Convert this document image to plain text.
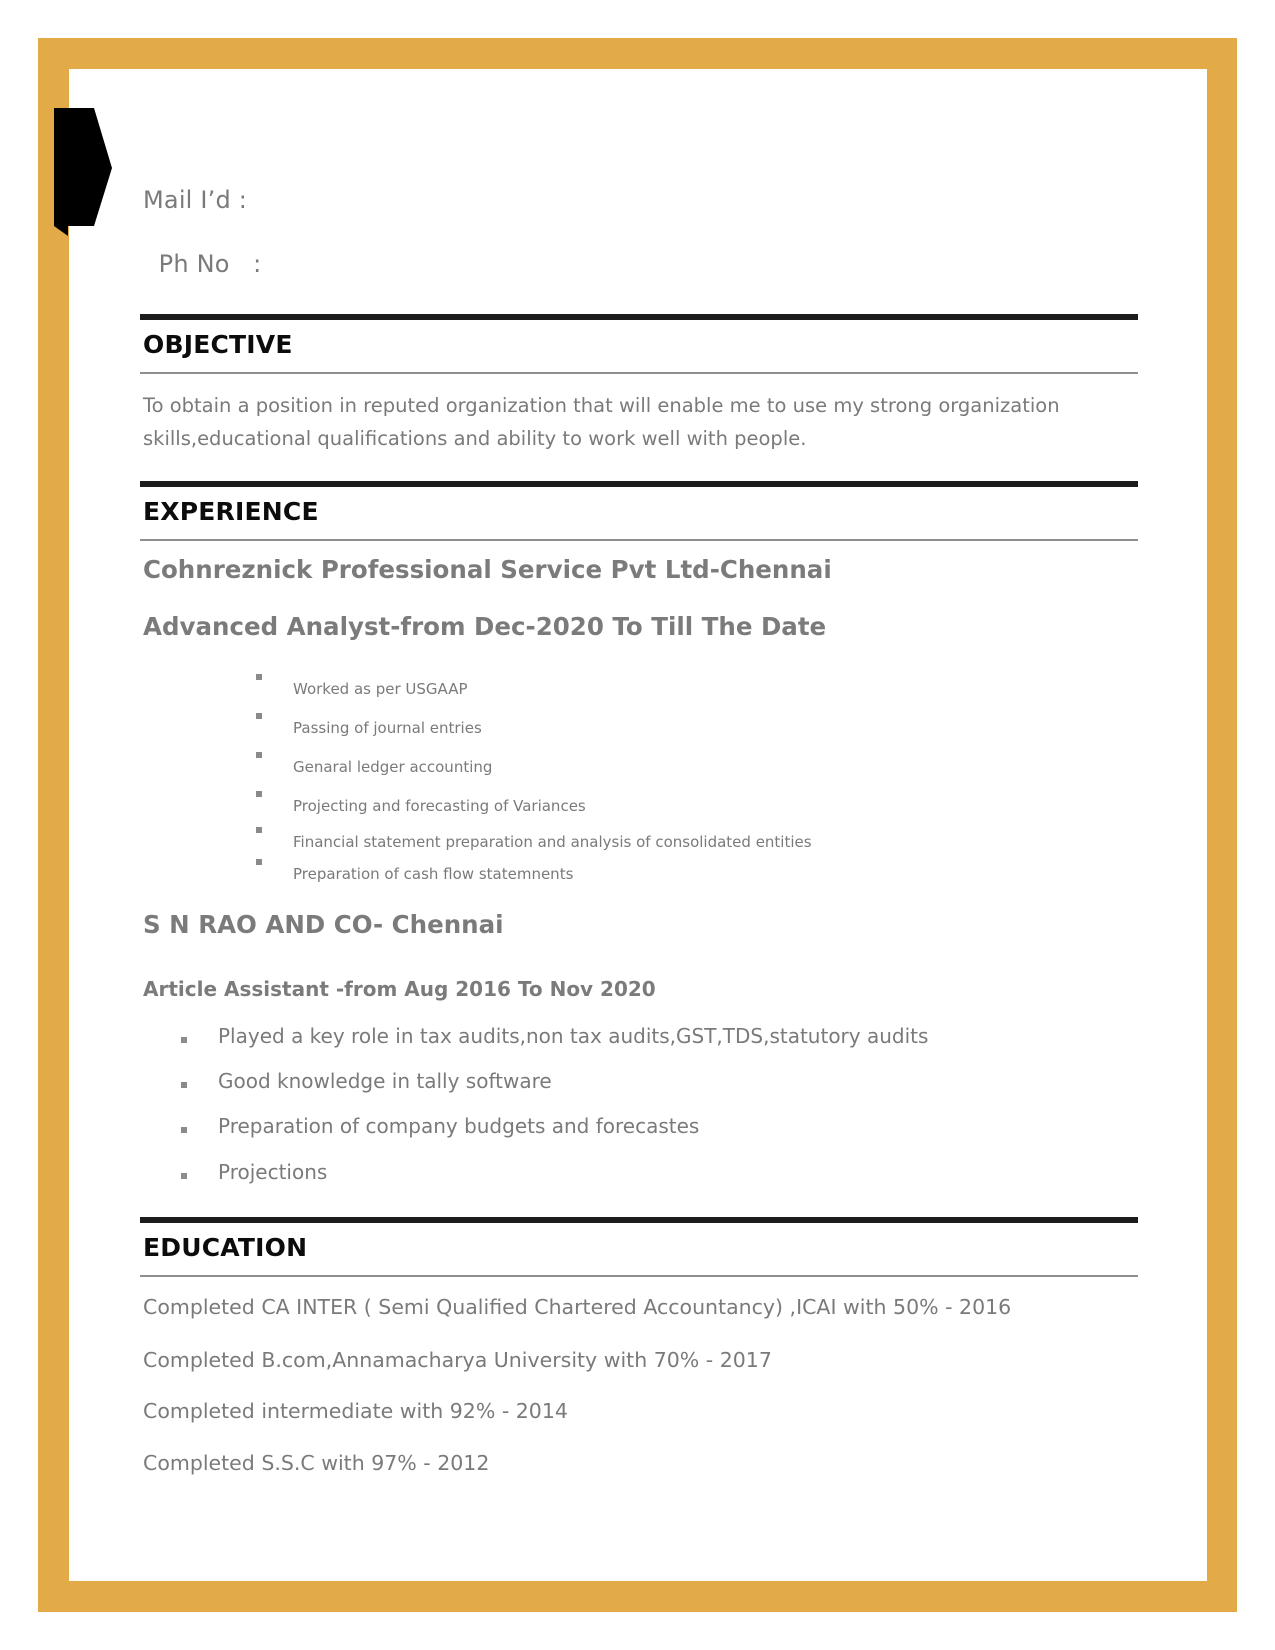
Mail I’d :

Ph No   :

OBJECTIVE
To obtain a position in reputed organization that will enable me to use my strong organization skills,educational qualifications and ability to work well with people.
EXPERIENCE
Cohnreznick Professional Service Pvt Ltd-Chennai
Advanced Analyst-from Dec-2020 To Till The Date
Worked as per USGAAP
Passing of journal entries
Genaral ledger accounting
Projecting and forecasting of Variances
Financial statement preparation and analysis of consolidated entities
Preparation of cash flow statemnents
S N RAO AND CO- Chennai
Article Assistant -from Aug 2016 To Nov 2020
Played a key role in tax audits,non tax audits,GST,TDS,statutory audits
Good knowledge in tally software
Preparation of company budgets and forecastes
Projections
EDUCATION
Completed CA INTER ( Semi Qualified Chartered Accountancy) ,ICAI with 50% - 2016
Completed B.com,Annamacharya University with 70% - 2017
Completed intermediate with 92% - 2014
Completed S.S.C with 97% - 2012
